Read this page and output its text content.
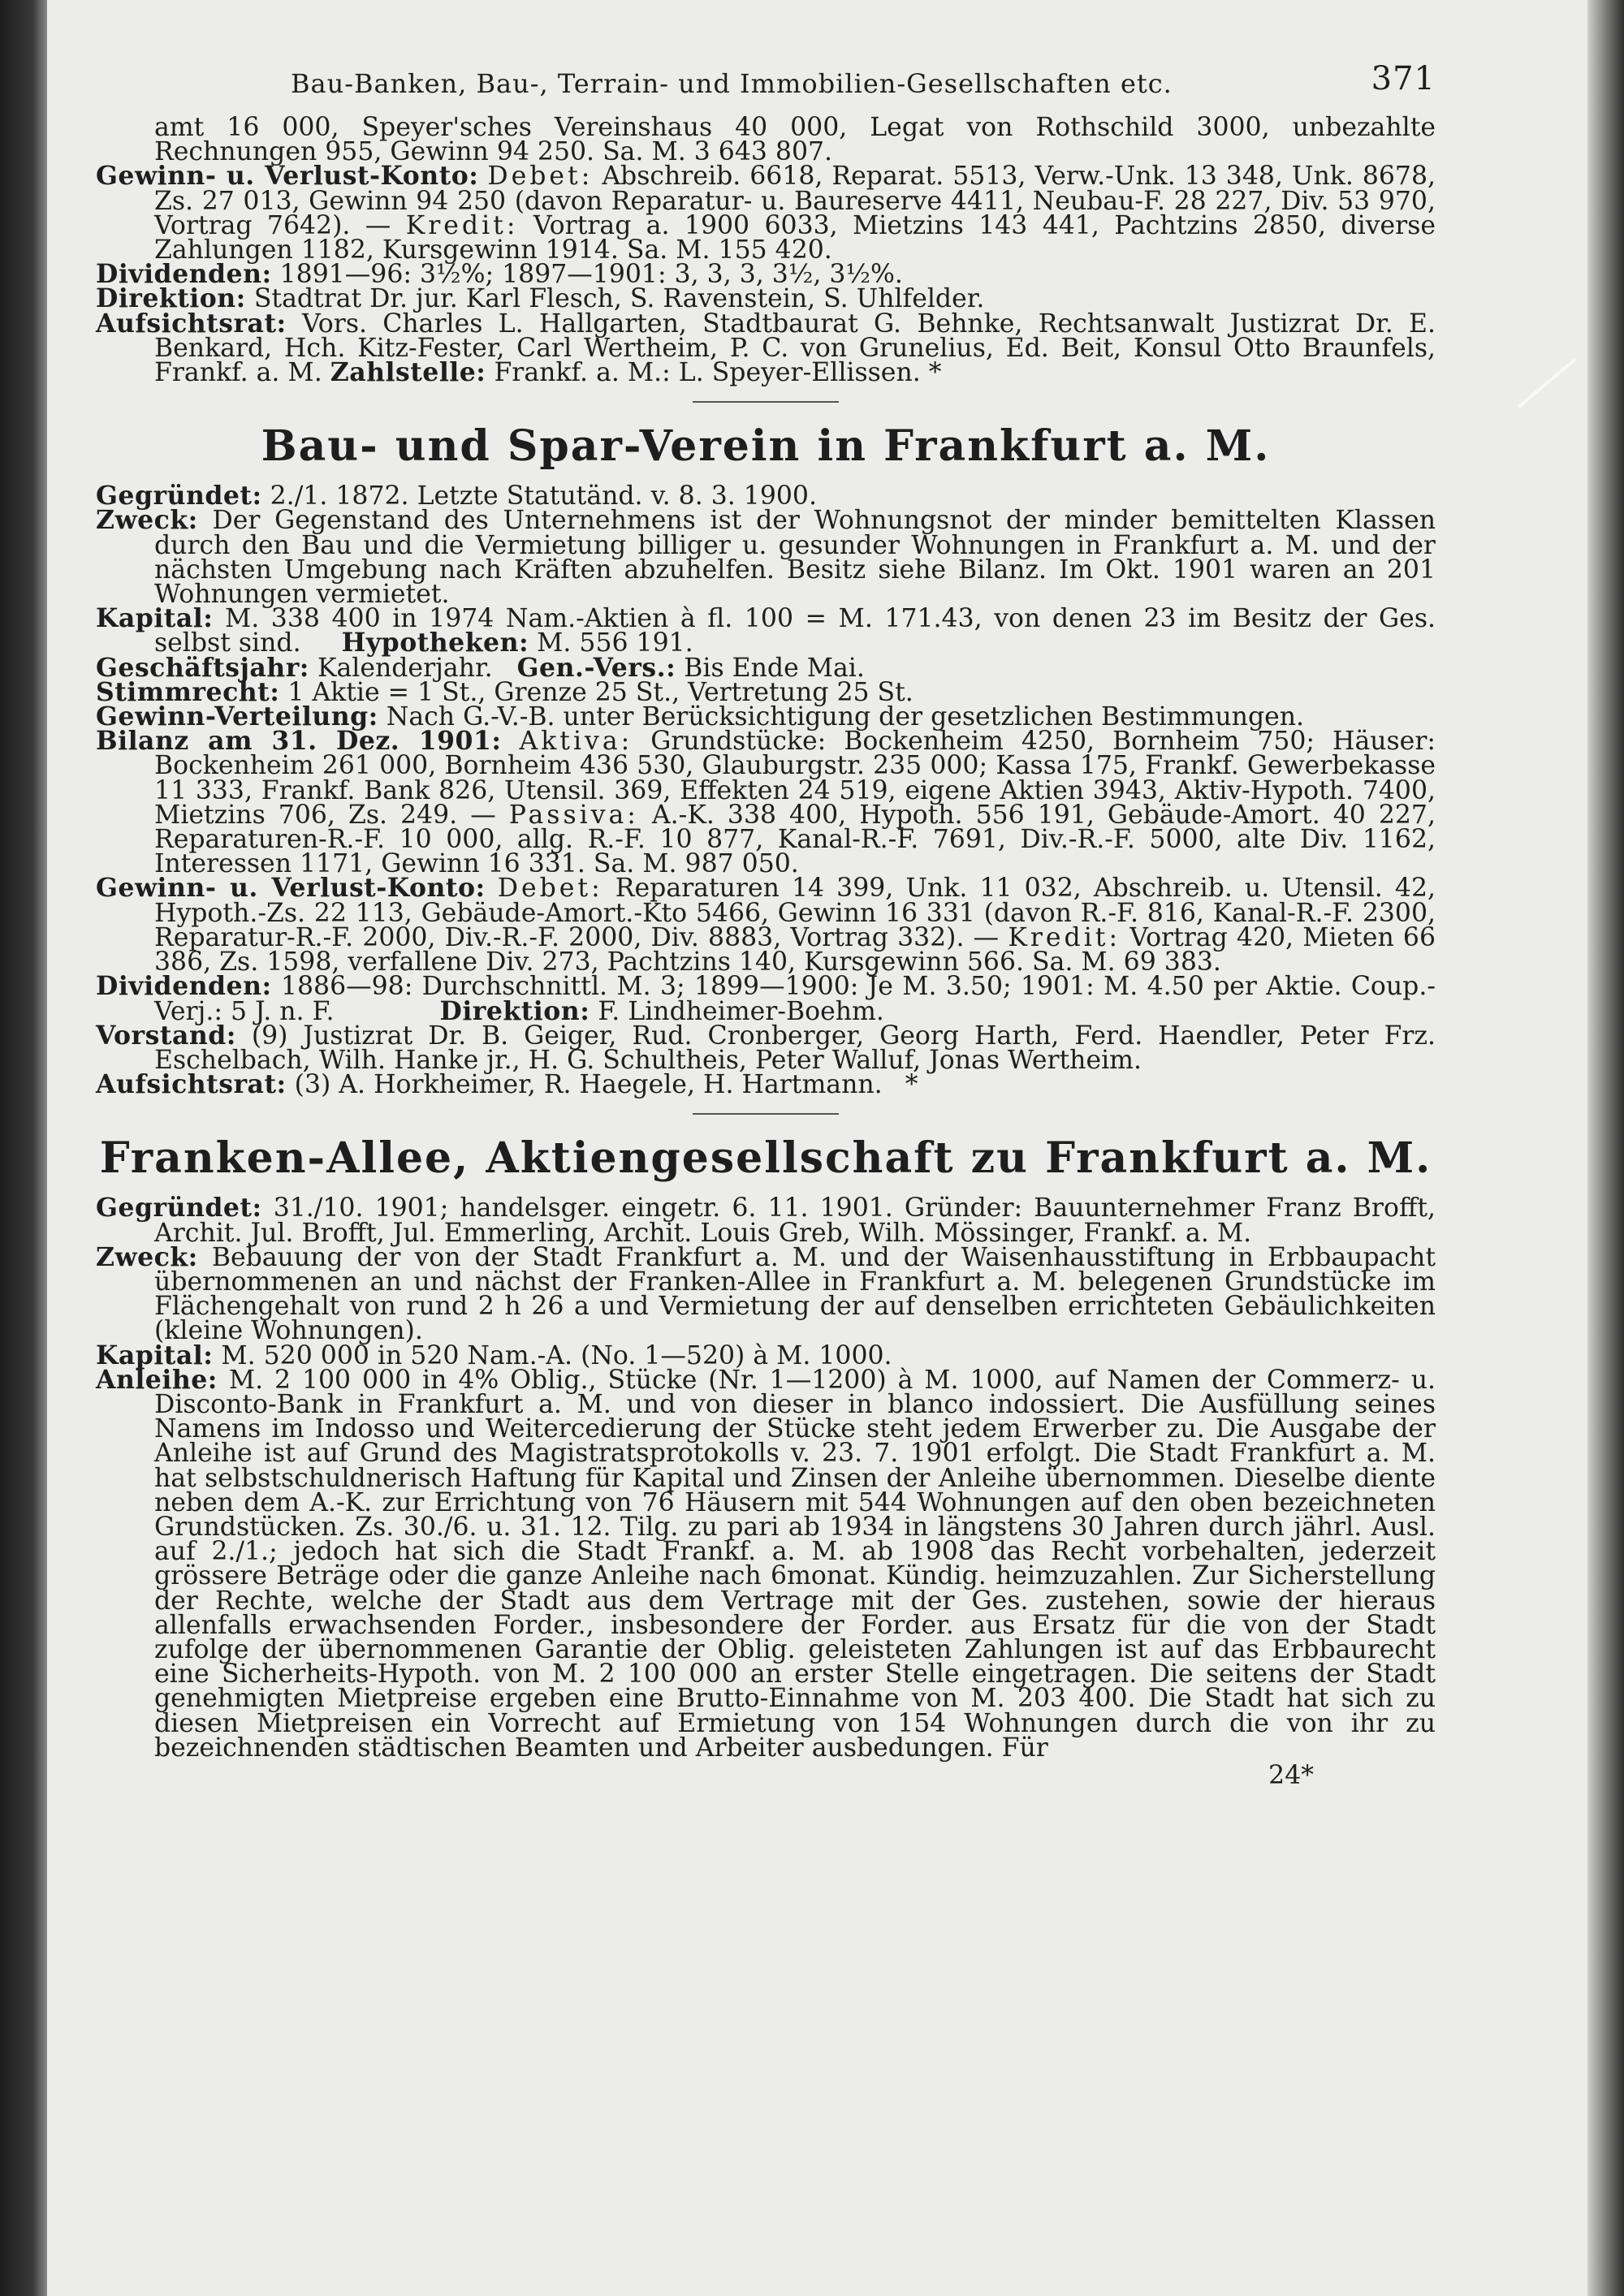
Bau-Banken, Bau-, Terrain- und Immobilien-Gesellschaften etc.	371

amt 16 000, Speyer'sches Vereinshaus 40 000, Legat von Rothschild 3000, unbezahlte Rechnungen 955, Gewinn 94 250. Sa. M. 3 643 807.

Gewinn- u. Verlust-Konto: Debet: Abschreib. 6618, Reparat. 5513, Verw.-Unk. 13 348, Unk. 8678, Zs. 27 013, Gewinn 94 250 (davon Reparatur- u. Baureserve 4411, Neubau-F. 28 227, Div. 53 970, Vortrag 7642). — Kredit: Vortrag a. 1900 6033, Mietzins 143 441, Pachtzins 2850, diverse Zahlungen 1182, Kursgewinn 1914. Sa. M. 155 420.

Dividenden: 1891—96: 3½%; 1897—1901: 3, 3, 3, 3½, 3½%.

Direktion: Stadtrat Dr. jur. Karl Flesch, S. Ravenstein, S. Uhlfelder.

Aufsichtsrat: Vors. Charles L. Hallgarten, Stadtbaurat G. Behnke, Rechtsanwalt Justizrat Dr. E. Benkard, Hch. Kitz-Fester, Carl Wertheim, P. C. von Grunelius, Ed. Beit, Konsul Otto Braunfels, Frankf. a. M. Zahlstelle: Frankf. a. M.: L. Speyer-Ellissen. *

Bau- und Spar-Verein in Frankfurt a. M.

Gegründet: 2./1. 1872. Letzte Statutänd. v. 8. 3. 1900.

Zweck: Der Gegenstand des Unternehmens ist der Wohnungsnot der minder bemittelten Klassen durch den Bau und die Vermietung billiger u. gesunder Wohnungen in Frankfurt a. M. und der nächsten Umgebung nach Kräften abzuhelfen. Besitz siehe Bilanz. Im Okt. 1901 waren an 201 Wohnungen vermietet.

Kapital: M. 338 400 in 1974 Nam.-Aktien à fl. 100 = M. 171.43, von denen 23 im Besitz der Ges. selbst sind. Hypotheken: M. 556 191.

Geschäftsjahr: Kalenderjahr. Gen.-Vers.: Bis Ende Mai.

Stimmrecht: 1 Aktie = 1 St., Grenze 25 St., Vertretung 25 St.

Gewinn-Verteilung: Nach G.-V.-B. unter Berücksichtigung der gesetzlichen Bestimmungen.

Bilanz am 31. Dez. 1901: Aktiva: Grundstücke: Bockenheim 4250, Bornheim 750; Häuser: Bockenheim 261 000, Bornheim 436 530, Glauburgstr. 235 000; Kassa 175, Frankf. Gewerbekasse 11 333, Frankf. Bank 826, Utensil. 369, Effekten 24 519, eigene Aktien 3943, Aktiv-Hypoth. 7400, Mietzins 706, Zs. 249. — Passiva: A.-K. 338 400, Hypoth. 556 191, Gebäude-Amort. 40 227, Reparaturen-R.-F. 10 000, allg. R.-F. 10 877, Kanal-R.-F. 7691, Div.-R.-F. 5000, alte Div. 1162, Interessen 1171, Gewinn 16 331. Sa. M. 987 050.

Gewinn- u. Verlust-Konto: Debet: Reparaturen 14 399, Unk. 11 032, Abschreib. u. Utensil. 42, Hypoth.-Zs. 22 113, Gebäude-Amort.-Kto 5466, Gewinn 16 331 (davon R.-F. 816, Kanal-R.-F. 2300, Reparatur-R.-F. 2000, Div.-R.-F. 2000, Div. 8883, Vortrag 332). — Kredit: Vortrag 420, Mieten 66 386, Zs. 1598, verfallene Div. 273, Pachtzins 140, Kursgewinn 566. Sa. M. 69 383.

Dividenden: 1886—98: Durchschnittl. M. 3; 1899—1900: Je M. 3.50; 1901: M. 4.50 per Aktie. Coup.-Verj.: 5 J. n. F.	Direktion: F. Lindheimer-Boehm.

Vorstand: (9) Justizrat Dr. B. Geiger, Rud. Cronberger, Georg Harth, Ferd. Haendler, Peter Frz. Eschelbach, Wilh. Hanke jr., H. G. Schultheis, Peter Walluf, Jonas Wertheim.

Aufsichtsrat: (3) A. Horkheimer, R. Haegele, H. Hartmann. *

Franken-Allee, Aktiengesellschaft zu Frankfurt a. M.

Gegründet: 31./10. 1901; handelsger. eingetr. 6. 11. 1901. Gründer: Bauunternehmer Franz Brofft, Archit. Jul. Brofft, Jul. Emmerling, Archit. Louis Greb, Wilh. Mössinger, Frankf. a. M.

Zweck: Bebauung der von der Stadt Frankfurt a. M. und der Waisenhausstiftung in Erbbaupacht übernommenen an und nächst der Franken-Allee in Frankfurt a. M. belegenen Grundstücke im Flächengehalt von rund 2 h 26 a und Vermietung der auf denselben errichteten Gebäulichkeiten (kleine Wohnungen).

Kapital: M. 520 000 in 520 Nam.-A. (No. 1—520) à M. 1000.

Anleihe: M. 2 100 000 in 4% Oblig., Stücke (Nr. 1—1200) à M. 1000, auf Namen der Commerz- u. Disconto-Bank in Frankfurt a. M. und von dieser in blanco indossiert. Die Ausfüllung seines Namens im Indosso und Weitercedierung der Stücke steht jedem Erwerber zu. Die Ausgabe der Anleihe ist auf Grund des Magistratsprotokolls v. 23. 7. 1901 erfolgt. Die Stadt Frankfurt a. M. hat selbstschuldnerisch Haftung für Kapital und Zinsen der Anleihe übernommen. Dieselbe diente neben dem A.-K. zur Errichtung von 76 Häusern mit 544 Wohnungen auf den oben bezeichneten Grundstücken. Zs. 30./6. u. 31. 12. Tilg. zu pari ab 1934 in längstens 30 Jahren durch jährl. Ausl. auf 2./1.; jedoch hat sich die Stadt Frankf. a. M. ab 1908 das Recht vorbehalten, jederzeit grössere Beträge oder die ganze Anleihe nach 6monat. Kündig. heimzuzahlen. Zur Sicherstellung der Rechte, welche der Stadt aus dem Vertrage mit der Ges. zustehen, sowie der hieraus allenfalls erwachsenden Forder., insbesondere der Forder. aus Ersatz für die von der Stadt zufolge der übernommenen Garantie der Oblig. geleisteten Zahlungen ist auf das Erbbaurecht eine Sicherheits-Hypoth. von M. 2 100 000 an erster Stelle eingetragen. Die seitens der Stadt genehmigten Mietpreise ergeben eine Brutto-Einnahme von M. 203 400. Die Stadt hat sich zu diesen Mietpreisen ein Vorrecht auf Ermietung von 154 Wohnungen durch die von ihr zu bezeichnenden städtischen Beamten und Arbeiter ausbedungen. Für

24*
